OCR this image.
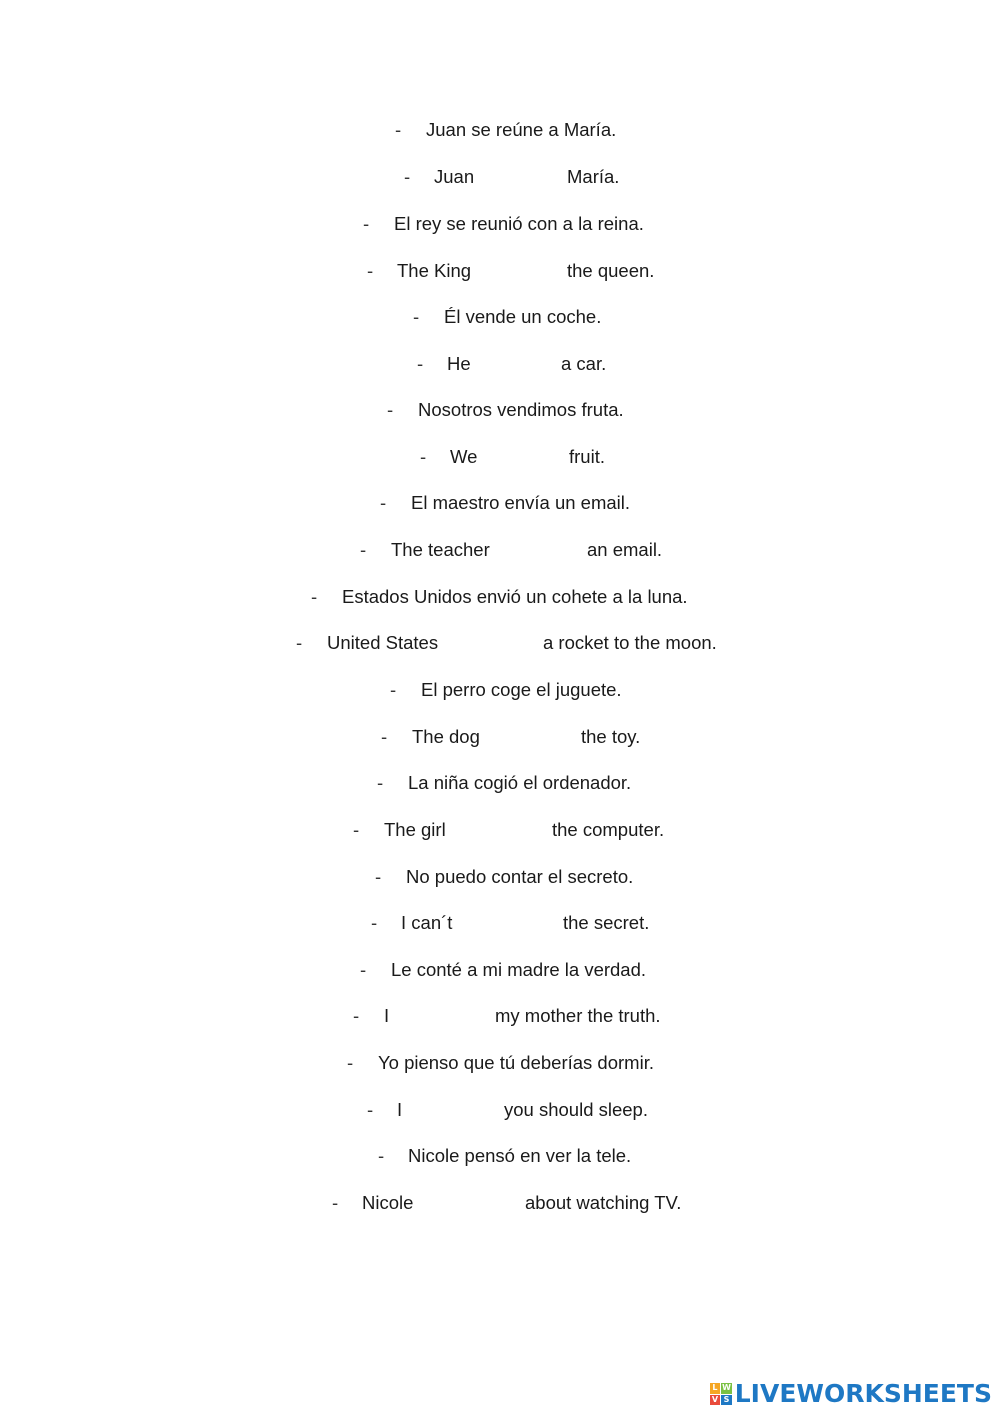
- Juan se reúne a María.
- Juan	María.
- El rey se reunió con a la reina.
- The King	the queen.
- Él vende un coche.
- He	a car.
- Nosotros vendimos fruta.
- We	fruit.
- El maestro envía un email.
- The teacher	an email.
- Estados Unidos envió un cohete a la luna.
- United States	a rocket to the moon.
- El perro coge el juguete.
- The dog	the toy.
- La niña cogió el ordenador.
- The girl	the computer.
- No puedo contar el secreto.
- I can´t	the secret.
- Le conté a mi madre la verdad.
- I	my mother the truth.
- Yo pienso que tú deberías dormir.
- I	you should sleep.
- Nicole pensó en ver la tele.
- Nicole	about watching TV.
L W
V S LIVEWORKSHEETS
